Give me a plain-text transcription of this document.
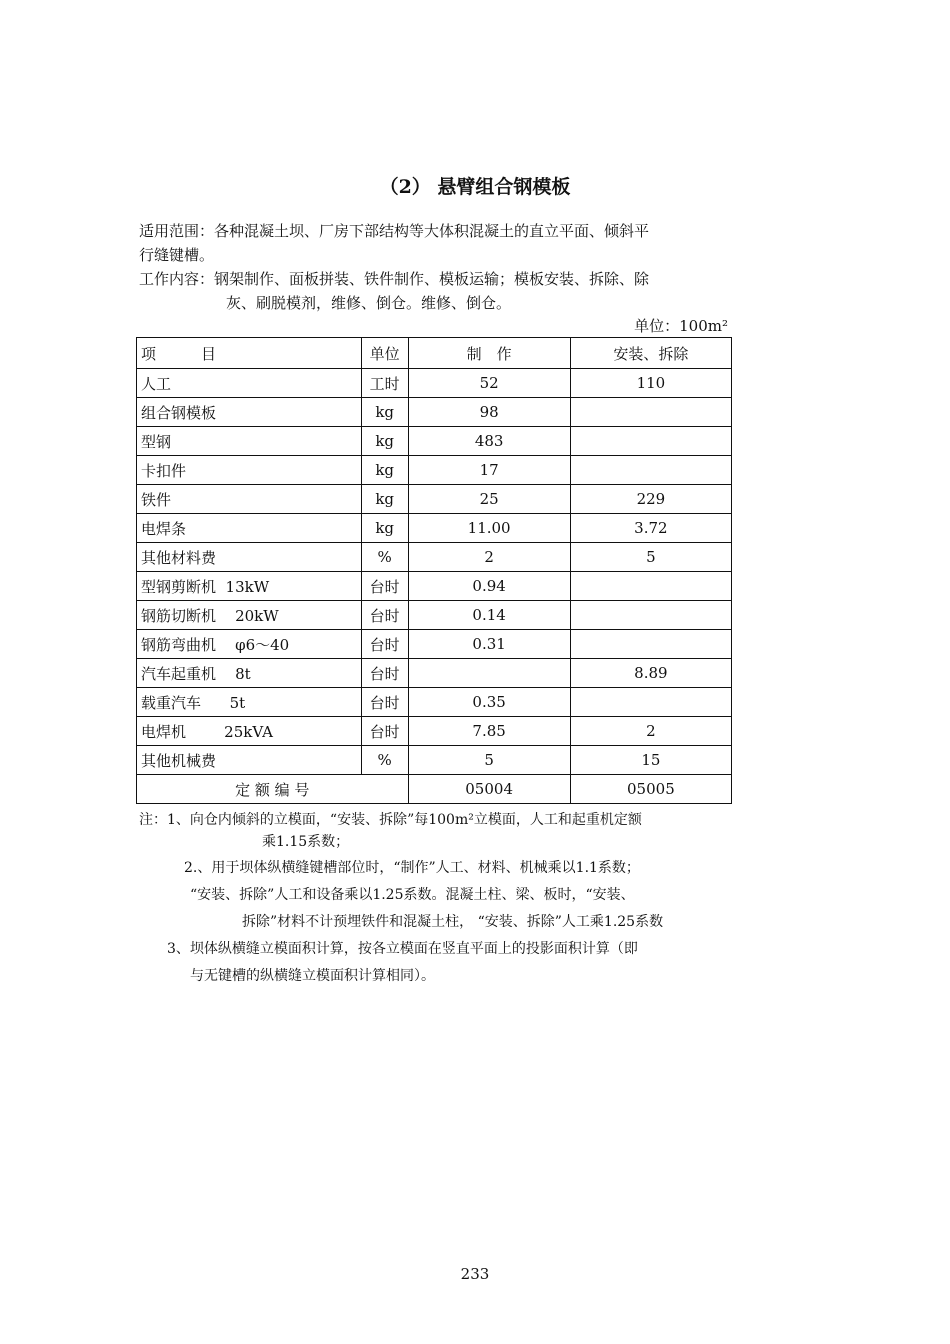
（2） 悬臂组合钢模板
适用范围：各种混凝土坝、厂房下部结构等大体积混凝土的直立平面、倾斜平
行缝键槽。
工作内容：钢架制作、面板拼装、铁件制作、模板运输；模板安装、拆除、除
灰、刷脱模剂，维修、倒仓。维修、倒仓。
单位：100m²
项　　　目	单位	制　作	安装、拆除
人工	工时	52	110
组合钢模板	kg	98	
型钢	kg	483	
卡扣件	kg	17	
铁件	kg	25	229
电焊条	kg	11.00	3.72
其他材料费	%	2	5
型钢剪断机  13kW	台时	0.94	
钢筋切断机    20kW	台时	0.14	
钢筋弯曲机    φ6～40	台时	0.31	
汽车起重机    8t	台时		8.89
载重汽车      5t	台时	0.35	
电焊机        25kVA	台时	7.85	2
其他机械费	%	5	15
定 额 编 号		05004	05005
注：1、向仓内倾斜的立模面，“安装、拆除”每100m²立模面，人工和起重机定额
乘1.15系数；
2.、用于坝体纵横缝键槽部位时，“制作”人工、材料、机械乘以1.1系数；
“安装、拆除”人工和设备乘以1.25系数。混凝土柱、梁、板时，“安装、
拆除”材料不计预埋铁件和混凝土柱， “安装、拆除”人工乘1.25系数
3、坝体纵横缝立模面积计算，按各立模面在竖直平面上的投影面积计算（即
与无键槽的纵横缝立模面积计算相同）。
233
